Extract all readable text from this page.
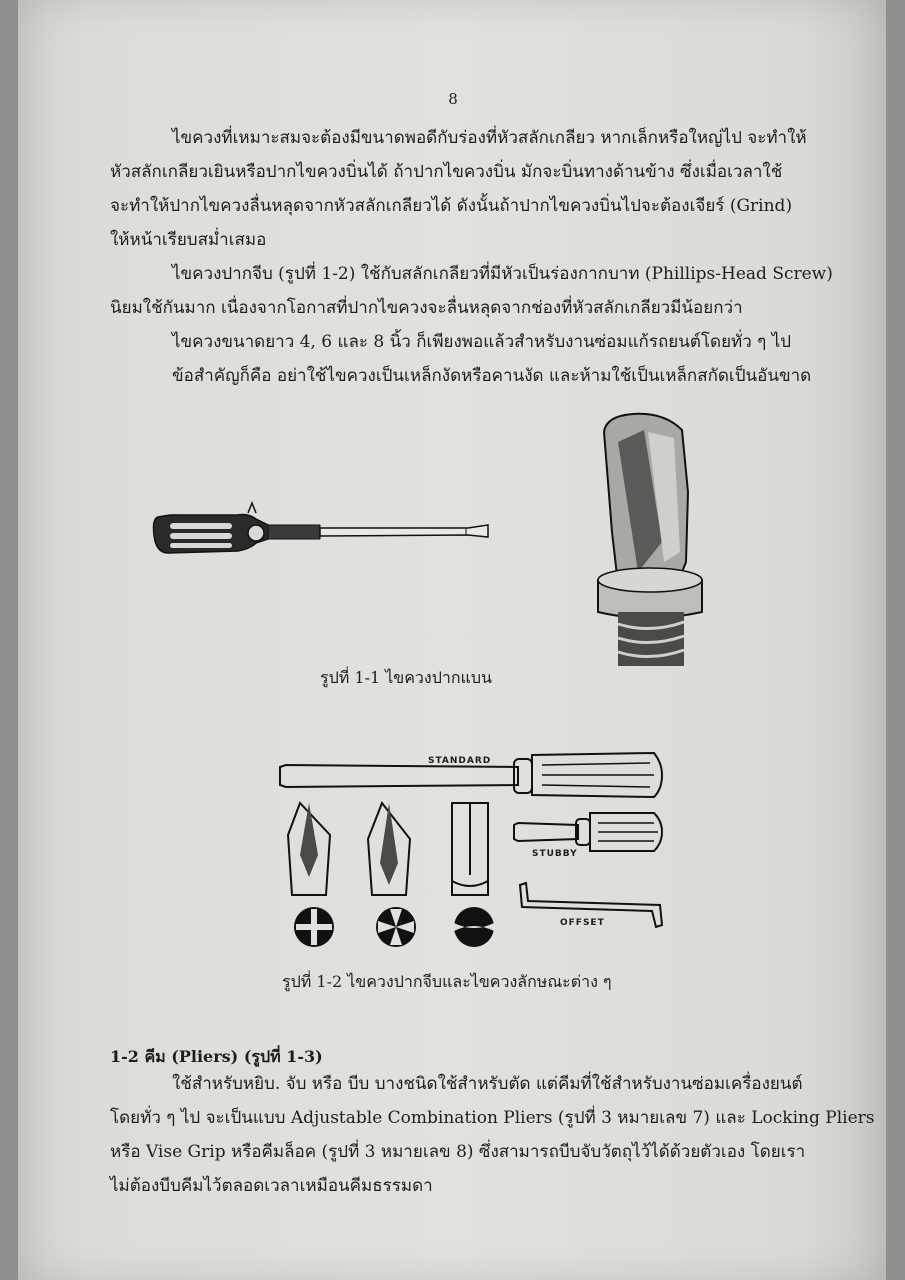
8
ไขควงที่เหมาะสมจะต้องมีขนาดพอดีกับร่องที่หัวสลักเกลียว หากเล็กหรือใหญ่ไป จะทำให้
หัวสลักเกลียวเยินหรือปากไขควงบิ่นได้ ถ้าปากไขควงบิ่น มักจะบิ่นทางด้านข้าง ซึ่งเมื่อเวลาใช้
จะทำให้ปากไขควงลื่นหลุดจากหัวสลักเกลียวได้ ดังนั้นถ้าปากไขควงบิ่นไปจะต้องเจียร์ (Grind)
ให้หน้าเรียบสม่ำเสมอ
ไขควงปากจีบ (รูปที่ 1-2) ใช้กับสลักเกลียวที่มีหัวเป็นร่องกากบาท (Phillips-Head Screw)
นิยมใช้กันมาก เนื่องจากโอกาสที่ปากไขควงจะลื่นหลุดจากช่องที่หัวสลักเกลียวมีน้อยกว่า
ไขควงขนาดยาว 4, 6 และ 8 นิ้ว ก็เพียงพอแล้วสำหรับงานซ่อมแก้รถยนต์โดยทั่ว ๆ ไป
ข้อสำคัญก็คือ อย่าใช้ไขควงเป็นเหล็กงัดหรือคานงัด และห้ามใช้เป็นเหล็กสกัดเป็นอันขาด
รูปที่ 1-1 ไขควงปากแบน
STANDARD
STUBBY
OFFSET
รูปที่ 1-2 ไขควงปากจีบและไขควงลักษณะต่าง ๆ
1-2 คีม (Pliers) (รูปที่ 1-3)
ใช้สำหรับหยิบ. จับ หรือ บีบ บางชนิดใช้สำหรับตัด แต่คีมที่ใช้สำหรับงานซ่อมเครื่องยนต์
โดยทั่ว ๆ ไป จะเป็นแบบ Adjustable Combination Pliers (รูปที่ 3 หมายเลข 7) และ Locking Pliers
หรือ Vise Grip หรือคีมล็อค (รูปที่ 3 หมายเลข 8) ซึ่งสามารถบีบจับวัตถุไว้ได้ด้วยตัวเอง โดยเรา
ไม่ต้องบีบคีมไว้ตลอดเวลาเหมือนคีมธรรมดา
